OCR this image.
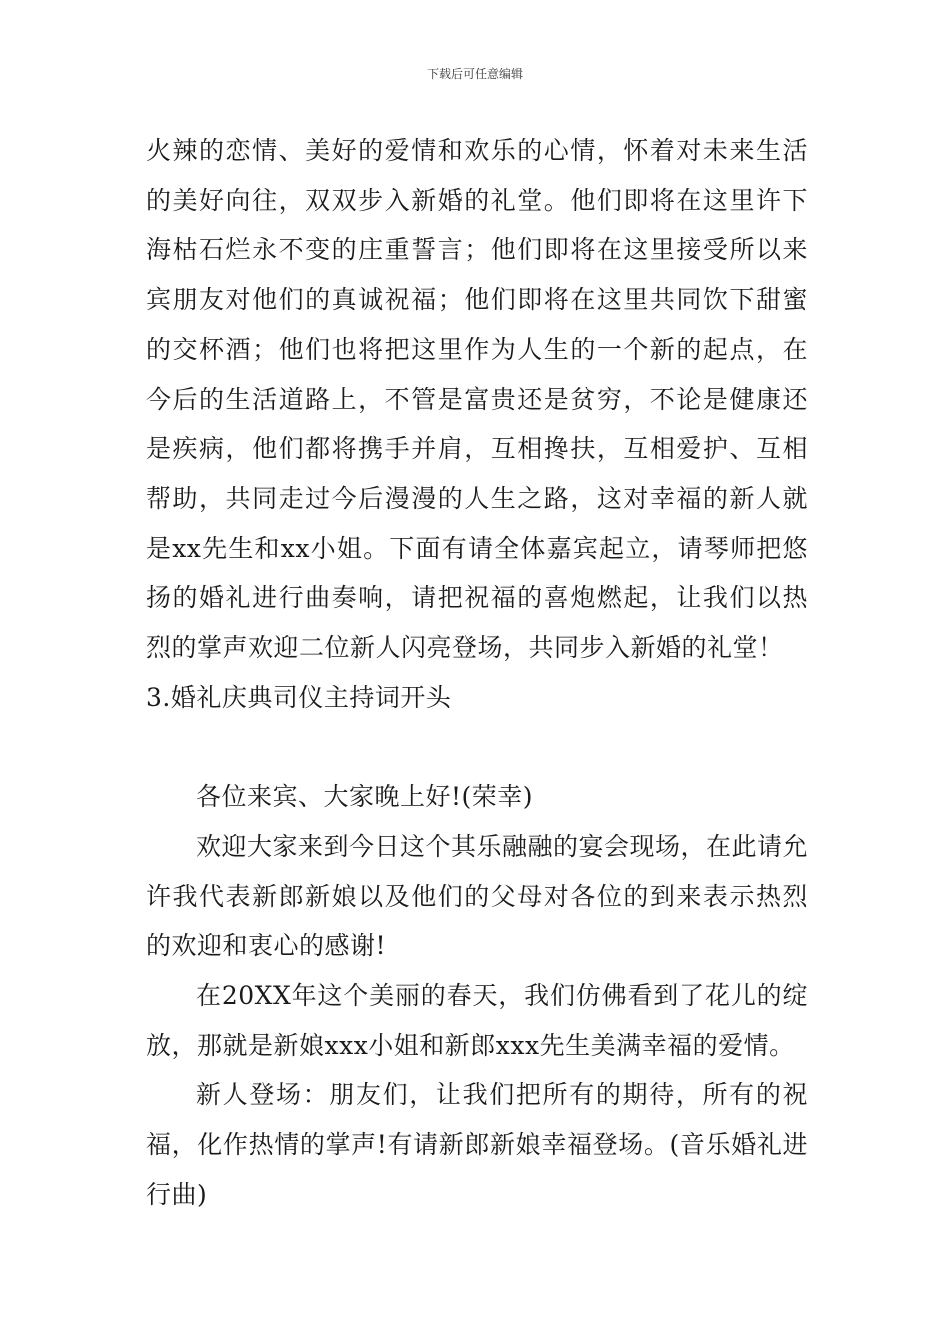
下载后可任意编辑

火辣的恋情、美好的爱情和欢乐的心情，怀着对未来生活的美好向往，双双步入新婚的礼堂。他们即将在这里许下海枯石烂永不变的庄重誓言；他们即将在这里接受所以来宾朋友对他们的真诚祝福；他们即将在这里共同饮下甜蜜的交杯酒；他们也将把这里作为人生的一个新的起点，在今后的生活道路上，不管是富贵还是贫穷，不论是健康还是疾病，他们都将携手并肩，互相搀扶，互相爱护、互相帮助，共同走过今后漫漫的人生之路，这对幸福的新人就是xx先生和xx小姐。下面有请全体嘉宾起立，请琴师把悠扬的婚礼进行曲奏响，请把祝福的喜炮燃起，让我们以热烈的掌声欢迎二位新人闪亮登场，共同步入新婚的礼堂！

3.婚礼庆典司仪主持词开头

各位来宾、大家晚上好!(荣幸)

欢迎大家来到今日这个其乐融融的宴会现场，在此请允许我代表新郎新娘以及他们的父母对各位的到来表示热烈的欢迎和衷心的感谢!

在20XX年这个美丽的春天，我们仿佛看到了花儿的绽放，那就是新娘xxx小姐和新郎xxx先生美满幸福的爱情。

新人登场：朋友们，让我们把所有的期待，所有的祝福，化作热情的掌声!有请新郎新娘幸福登场。(音乐婚礼进行曲)
